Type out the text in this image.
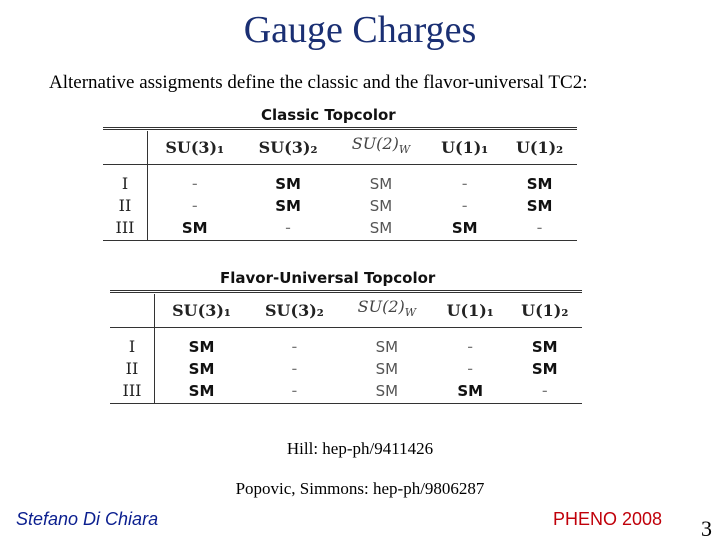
Gauge Charges
Alternative assigments define the classic and the flavor-universal TC2:
Classic Topcolor
	SU(3)₁	SU(3)₂	$SU(2)_W$	U(1)₁	U(1)₂
I	-	SM	SM	-	SM
II	-	SM	SM	-	SM
III	SM	-	SM	SM	-
Flavor-Universal Topcolor
	SU(3)₁	SU(3)₂	$SU(2)_W$	U(1)₁	U(1)₂
I	SM	-	SM	-	SM
II	SM	-	SM	-	SM
III	SM	-	SM	SM	-
Hill: hep-ph/9411426
Popovic, Simmons: hep-ph/9806287
Stefano Di Chiara	PHENO 2008 3
